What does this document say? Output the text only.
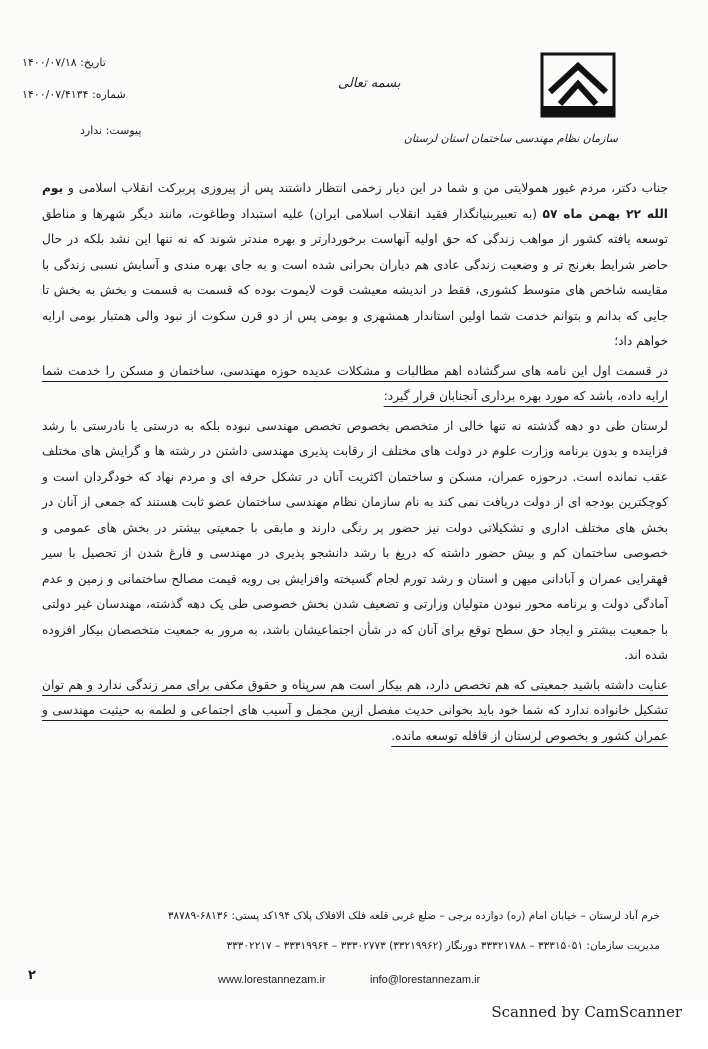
تاریخ: ۱۴۰۰/۰۷/۱۸
شماره: ۱۴۰۰/۰۷/۴۱۳۴
پیوست: ندارد
بسمه تعالی
سازمان نظام مهندسی ساختمان استان لرستان

جناب دکتر، مردم غیور همولایتی من و شما در این دیار زخمی انتظار داشتند پس از پیروزی پربرکت انقلاب اسلامی و یوم الله ۲۲ بهمن ماه ۵۷ (به تعبیربنیانگذار فقید انقلاب اسلامی ایران) علیه استبداد وطاغوت، مانند دیگر شهرها و مناطق توسعه یافته کشور از مواهب زندگی که حق اولیه آنهاست برخوردارتر و بهره مندتر شوند که نه تنها این نشد بلکه در حال حاضر شرایط بغرنج تر و وضعیت زندگی عادی هم دیاران بحرانی شده است و به جای بهره مندی و آسایش نسبی زندگی با مقایسه شاخص های متوسط کشوری، فقط در اندیشه معیشت قوت لایموت بوده که قسمت به قسمت و بخش به بخش تا جایی که بدانم و بتوانم خدمت شما اولین استاندار همشهری و بومی پس از دو قرن سکوت از نبود والی همتبار بومی ارایه خواهم داد؛

در قسمت اول این نامه های سرگشاده اهم مطالبات و مشکلات عدیده حوزه مهندسی، ساختمان و مسکن را خدمت شما ارایه داده، باشد که مورد بهره برداری آنجنابان قرار گیرد:

لرستان طی دو دهه گذشته نه تنها خالی از متخصص بخصوص تخصص مهندسی نبوده بلکه به درستی یا نادرستی با رشد فزاینده و بدون برنامه وزارت علوم در دولت های مختلف از رقابت پذیری مهندسی داشتن در رشته ها و گرایش های مختلف عقب نمانده است. درحوزه عمران، مسکن و ساختمان اکثریت آنان در تشکل حرفه ای و مردم نهاد که خودگردان است و کوچکترین بودجه ای از دولت دریافت نمی کند به نام سازمان نظام مهندسی ساختمان عضو ثابت هستند که جمعی از آنان در بخش های مختلف اداری و تشکیلاتی دولت نیز حضور پر رنگی دارند و مابقی با جمعیتی بیشتر در بخش های عمومی و خصوصی ساختمان کم و بیش حضور داشته که دریغ با رشد دانشجو پذیری در مهندسی و فارغ شدن از تحصیل با سیر قهقرایی عمران و آبادانی میهن و استان و رشد تورم لجام گسیخته وافزایش بی رویه قیمت مصالح ساختمانی و زمین و عدم آمادگی دولت و برنامه محور نبودن متولیان وزارتی و تضعیف شدن بخش خصوصی طی یک دهه گذشته، مهندسان غیر دولتی با جمعیت بیشتر و ایجاد حق سطح توقع برای آنان که در شأن اجتماعیشان باشد، به مرور به جمعیت متخصصان بیکار افزوده شده اند.

عنایت داشته باشید جمعیتی که هم تخصص دارد، هم بیکار است هم سرپناه و حقوق مکفی برای ممر زندگی ندارد و هم توان تشکیل خانواده ندارد که شما خود باید بخوانی حدیث مفصل ازین مجمل و آسیب های اجتماعی و لطمه به حیثیت مهندسی و عمران کشور و بخصوص لرستان از قافله توسعه مانده.

خرم آباد لرستان – خیابان امام (ره) دوازده برجی – ضلع غربی قلعه فلک الافلاک پلاک ۱۹۴کد پستی: ۶۸۱۳۶-۳۸۷۸۹
مدیریت سازمان: ۳۳۳۱۵۰۵۱ – ۳۳۳۲۱۷۸۸ دورنگار (۳۳۲۱۹۹۶۲) ۳۳۳۰۲۷۷۳ – ۳۳۳۱۹۹۶۴ – ۳۳۳۰۲۲۱۷
www.lorestannezam.ir	info@lorestannezam.ir
۲
Scanned by CamScanner
